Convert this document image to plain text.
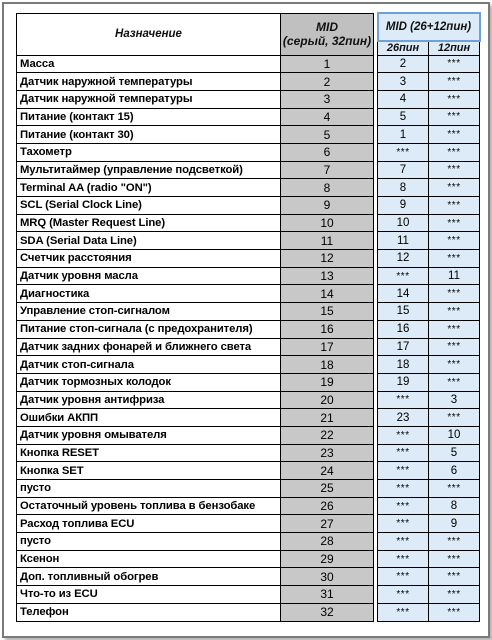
Назначение	MID
(серый, 32пин)		MID (26+12пин)	
			26пин	12пин
Масса	1		2	***
Датчик наружной температуры	2		3	***
Датчик наружной температуры	3		4	***
Питание (контакт 15)	4		5	***
Питание (контакт 30)	5		1	***
Тахометр	6		***	***
Мультитаймер (управление подсветкой)	7		7	***
Terminal AA (radio "ON")	8		8	***
SCL (Serial Clock Line)	9		9	***
MRQ (Master Request Line)	10		10	***
SDA (Serial Data Line)	11		11	***
Счетчик расстояния	12		12	***
Датчик уровня масла	13		***	11
Диагностика	14		14	***
Управление стоп-сигналом	15		15	***
Питание стоп-сигнала (с предохранителя)	16		16	***
Датчик задних фонарей и ближнего света	17		17	***
Датчик стоп-сигнала	18		18	***
Датчик тормозных колодок	19		19	***
Датчик уровня антифриза	20		***	3
Ошибки АКПП	21		23	***
Датчик уровня омывателя	22		***	10
Кнопка RESET	23		***	5
Кнопка SET	24		***	6
пусто	25		***	***
Остаточный уровень топлива в бензобаке	26		***	8
Расход топлива ECU	27		***	9
пусто	28		***	***
Ксенон	29		***	***
Доп. топливный обогрев	30		***	***
Что-то из ECU	31		***	***
Телефон	32		***	***
